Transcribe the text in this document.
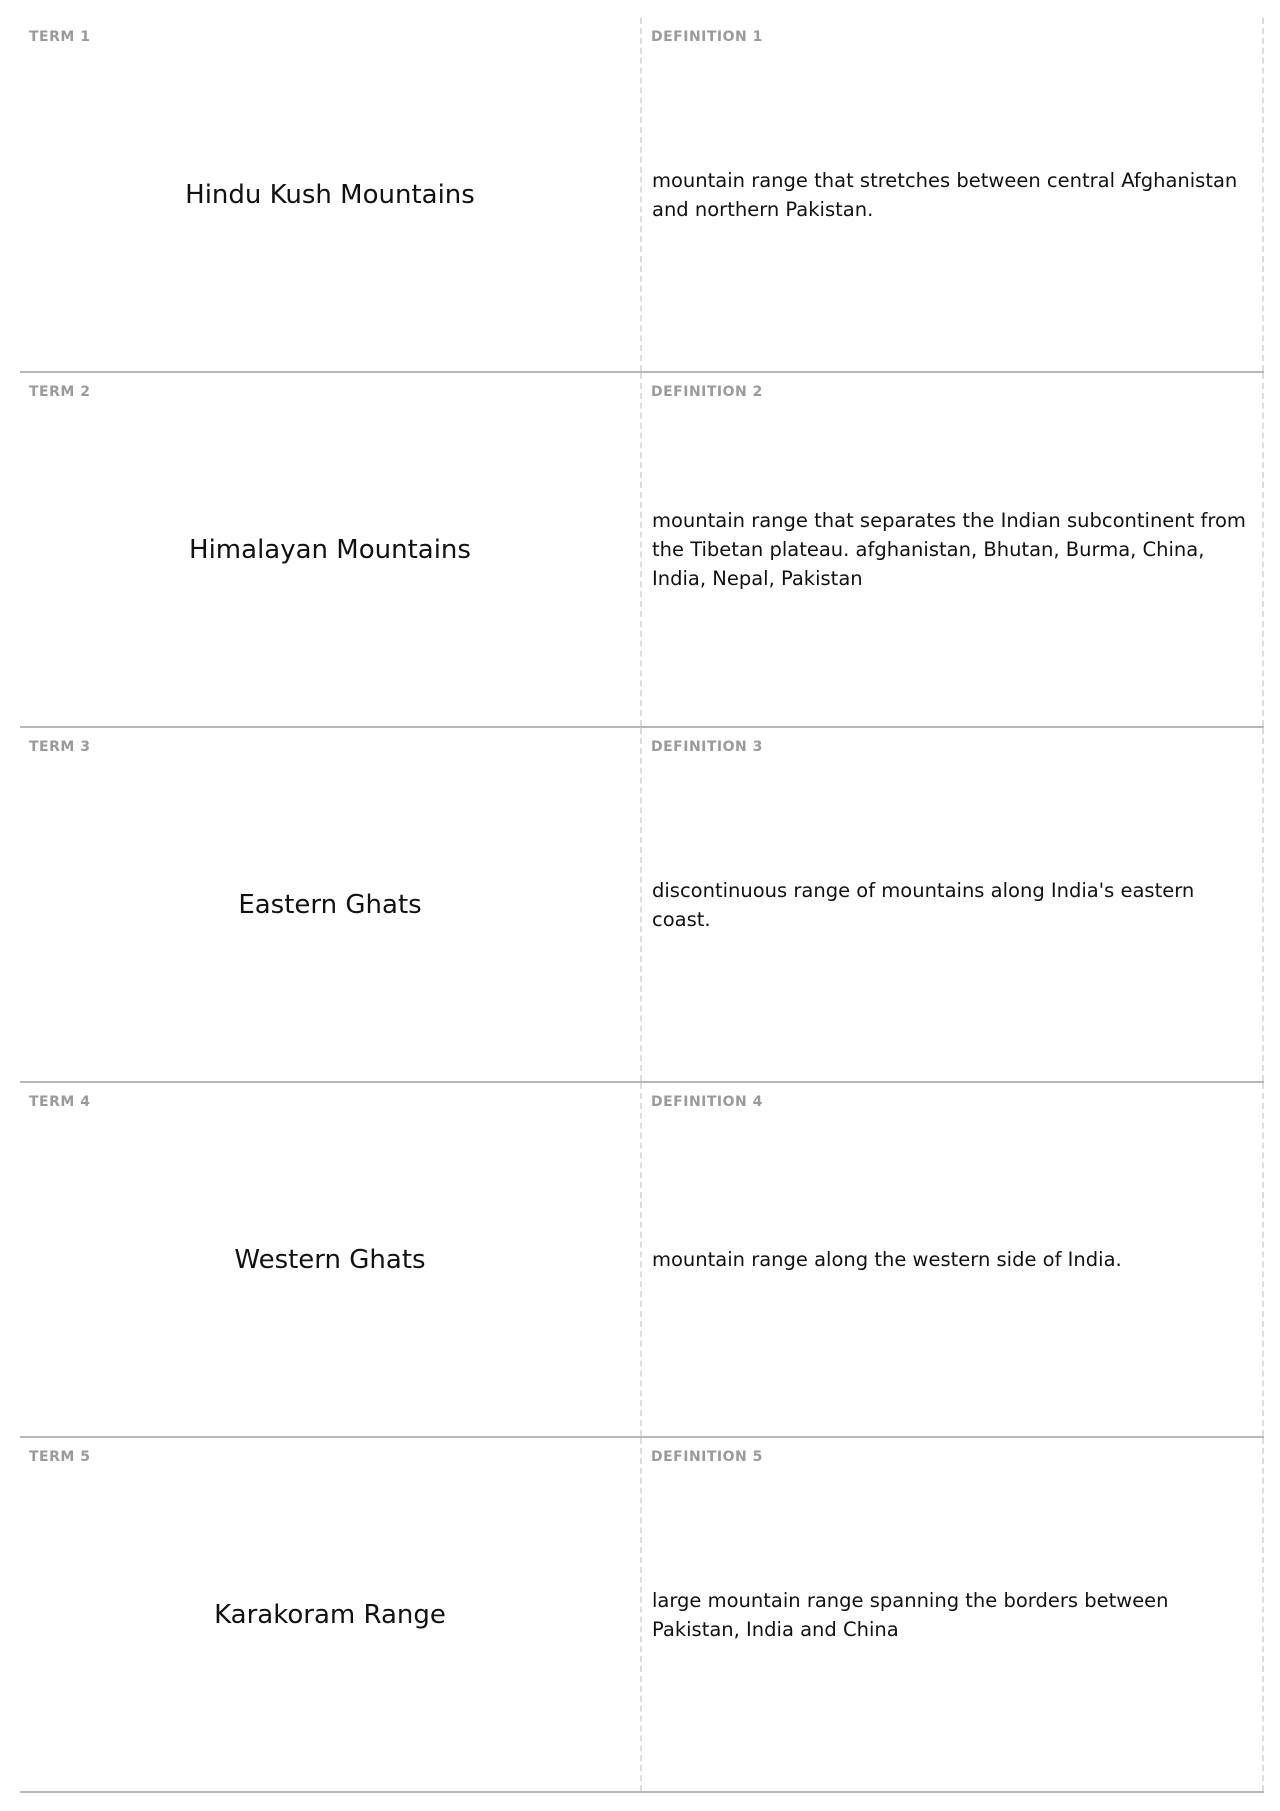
TERM 1
Hindu Kush Mountains
DEFINITION 1
mountain range that stretches between central Afghanistan and northern Pakistan.
TERM 2
Himalayan Mountains
DEFINITION 2
mountain range that separates the Indian subcontinent from the Tibetan plateau. afghanistan, Bhutan, Burma, China, India, Nepal, Pakistan
TERM 3
Eastern Ghats
DEFINITION 3
discontinuous range of mountains along India's eastern coast.
TERM 4
Western Ghats
DEFINITION 4
mountain range along the western side of India.
TERM 5
Karakoram Range
DEFINITION 5
large mountain range spanning the borders between Pakistan, India and China
